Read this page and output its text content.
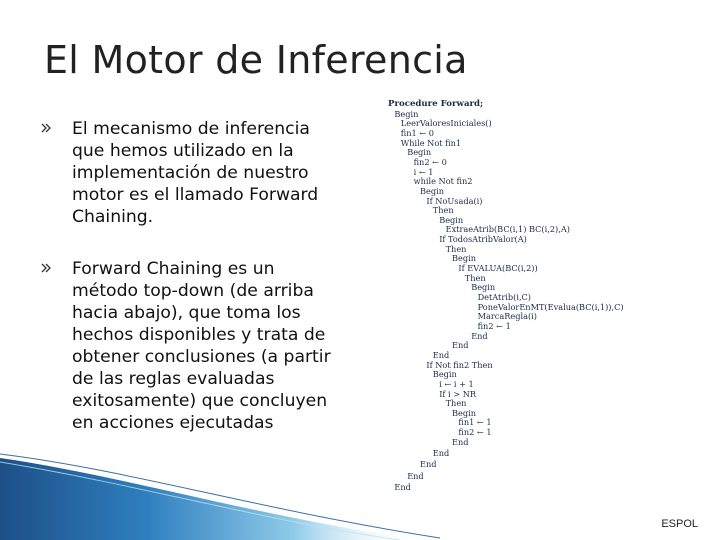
El Motor de Inferencia
El mecanismo de inferencia que hemos utilizado en la implementación de nuestro motor es el llamado Forward Chaining.
Forward Chaining es un método top-down (de arriba hacia abajo), que toma los hechos disponibles y trata de obtener conclusiones (a partir de las reglas evaluadas exitosamente) que concluyen en acciones ejecutadas
Procedure Forward;
Begin
LeerValoresIniciales()
fin1 ← 0
While Not fin1
Begin
fin2 ← 0
i ← 1
while Not fin2
Begin
If NoUsada(i)
Then
Begin
ExtraeAtrib(BC(i,1) BC(i,2),A)
If TodosAtribValor(A)
Then
Begin
If EVALUA(BC(i,2))
Then
Begin
DetAtrib(i,C)
PoneValorEnMT(Evalua(BC(i,1)),C)
MarcaRegla(i)
fin2 ← 1
End
End
End
If Not fin2 Then
Begin
i ← i + 1
If i > NR
Then
Begin
fin1 ← 1
fin2 ← 1
End
End
End
End
End
ESPOL
